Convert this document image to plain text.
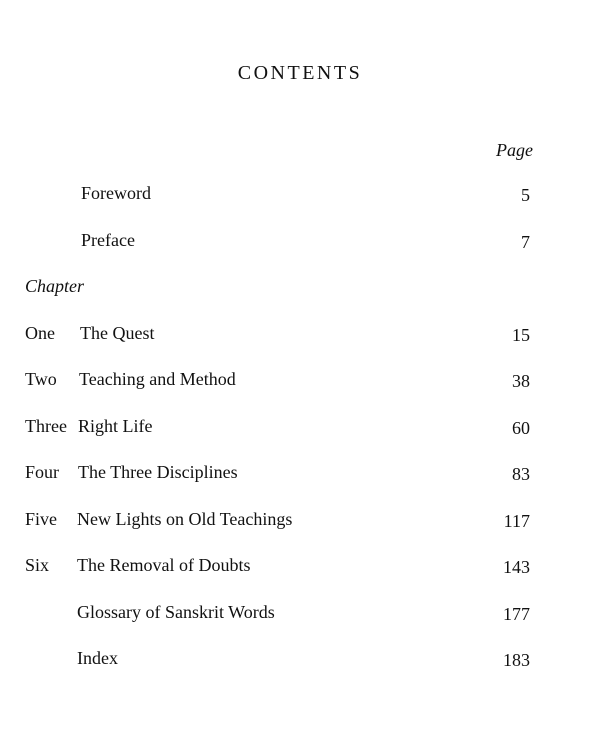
CONTENTS
Page
Foreword	5
Preface	7
Chapter
One The Quest	15
Two Teaching and Method	38
Three Right Life	60
Four The Three Disciplines	83
Five New Lights on Old Teachings	117
Six The Removal of Doubts	143
Glossary of Sanskrit Words	177
Index	183
